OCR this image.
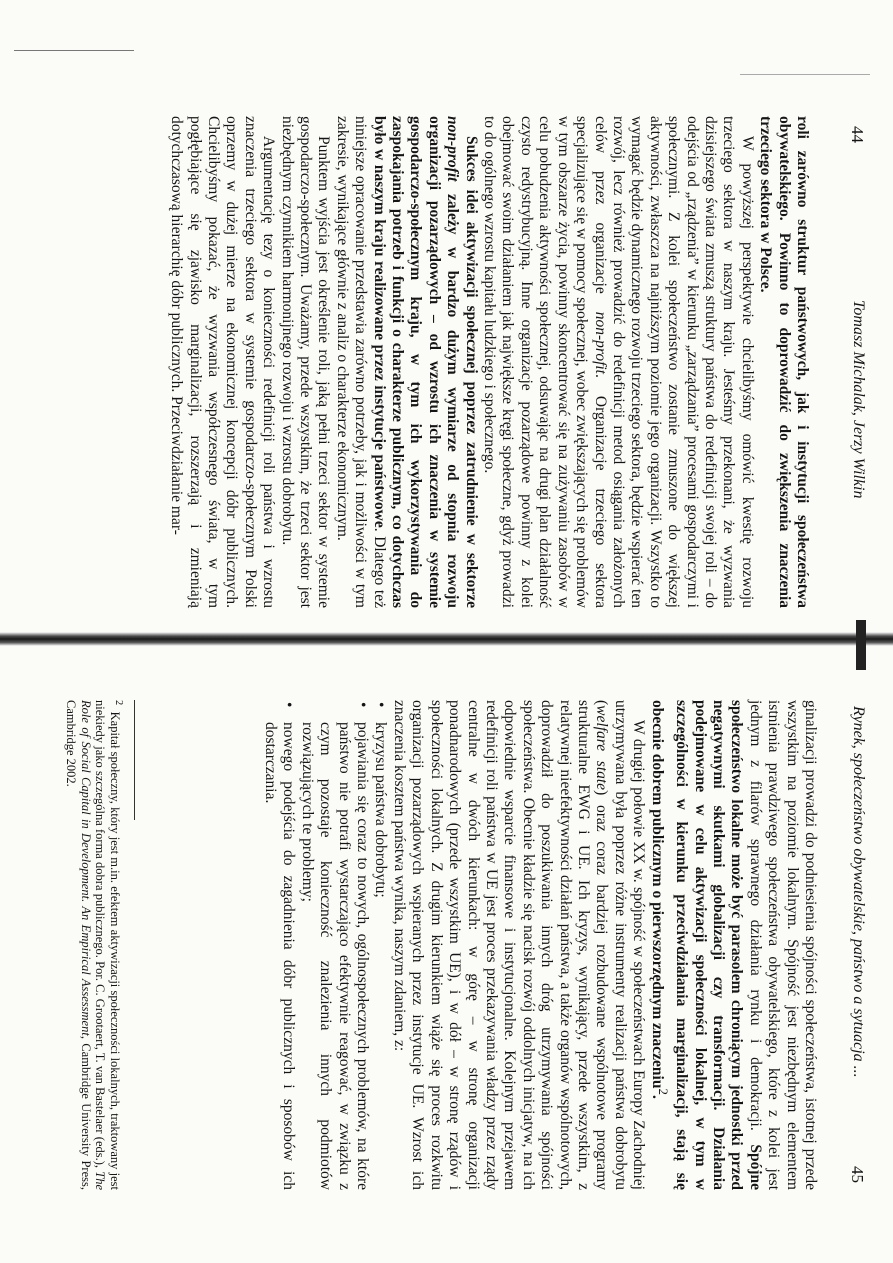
44
Tomasz Michalak, Jerzy Wilkin

roli zarówno struktur państwowych, jak i instytucji społeczeństwa obywatelskiego. Powinno to doprowadzić do zwiększenia znaczenia trzeciego sektora w Polsce.

W powyższej perspektywie chcielibyśmy omówić kwestię rozwoju trzeciego sektora w naszym kraju. Jesteśmy przekonani, że wyzwania dzisiejszego świata zmuszą struktury państwa do redefinicji swojej roli – do odejścia od „rządzenia” w kierunku „zarządzania” procesami gospodarczymi i społecznymi. Z kolei społeczeństwo zostanie zmuszone do większej aktywności, zwłaszcza na najniższym poziomie jego organizacji. Wszystko to wymagać będzie dynamicznego rozwoju trzeciego sektora, będzie wspierać ten rozwój, lecz również prowadzić do redefinicji metod osiągania założonych celów przez organizacje non-profit. Organizacje trzeciego sektora specjalizujące się w pomocy społecznej, wobec zwiększających się problemów w tym obszarze życia, powinny skoncentrować się na zużywaniu zasobów w celu pobudzenia aktywności społecznej, odsuwając na drugi plan działalność czysto redystrybucyjną. Inne organizacje pozarządowe powinny z kolei obejmować swoim działaniem jak największe kręgi społeczne, gdyż prowadzi to do ogólnego wzrostu kapitału ludzkiego i społecznego.

Sukces idei aktywizacji społecznej poprzez zatrudnienie w sektorze non-profit zależy w bardzo dużym wymiarze od stopnia rozwoju organizacji pozarządowych – od wzrostu ich znaczenia w systemie gospodarczo-społecznym kraju, w tym ich wykorzystywania do zaspokajania potrzeb i funkcji o charakterze publicznym, co dotychczas było w naszym kraju realizowane przez instytucje państwowe. Dlatego też niniejsze opracowanie przedstawia zarówno potrzeby, jak i możliwości w tym zakresie, wynikające głównie z analiz o charakterze ekonomicznym.

Punktem wyjścia jest określenie roli, jaką pełni trzeci sektor w systemie gospodarczo-społecznym. Uważamy, przede wszystkim, że trzeci sektor jest niezbędnym czynnikiem harmonijnego rozwoju i wzrostu dobrobytu.

Argumentację tezy o konieczności redefinicji roli państwa i wzrostu znaczenia trzeciego sektora w systemie gospodarczo-społecznym Polski oprzemy w dużej mierze na ekonomicznej koncepcji dóbr publicznych. Chcielibyśmy pokazać, że wyzwania współczesnego świata, w tym pogłębiające się zjawisko marginalizacji, rozszerzają i zmieniają dotychczasową hierarchię dóbr publicznych. Przeciwdziałanie mar-

Rynek, społeczeństwo obywatelskie, państwo a sytuacja ...
45

ginalizacji prowadzi do podniesienia spójności społeczeństwa, istotnej przede wszystkim na poziomie lokalnym. Spójność jest niezbędnym elementem istnienia prawdziwego społeczeństwa obywatelskiego, które z kolei jest jednym z filarów sprawnego działania rynku i demokracji. Spójne społeczeństwo lokalne może być parasolem chroniącym jednostki przed negatywnymi skutkami globalizacji czy transformacji. Działania podejmowane w celu aktywizacji społeczności lokalnej, w tym w szczególności w kierunku przeciwdziałania marginalizacji, stają się obecnie dobrem publicznym o pierwszorzędnym znaczeniu$^2$.

W drugiej połowie XX w. spójność w społeczeństwach Europy Zachodniej utrzymywana była poprzez różne instrumenty realizacji państwa dobrobytu (welfare state) oraz coraz bardziej rozbudowane wspólnotowe programy strukturalne EWG i UE. Ich kryzys, wynikający, przede wszystkim, z relatywnej nieefektywności działań państwa, a także organów wspólnotowych, doprowadził do poszukiwania innych dróg utrzymywania spójności społeczeństwa. Obecnie kładzie się nacisk rozwój oddolnych inicjatyw, na ich odpowiednie wsparcie finansowe i instytucjonalne. Kolejnym przejawem redefinicji roli państwa w UE jest proces przekazywania władzy przez rządy centralne w dwóch kierunkach: w górę – w stronę organizacji ponadnarodowych (przede wszystkim UE), i w dół – w stronę rządów i społeczności lokalnych. Z drugim kierunkiem wiąże się proces rozkwitu organizacji pozarządowych wspieranych przez instytucje UE. Wzrost ich znaczenia kosztem państwa wynika, naszym zdaniem, z:

• kryzysu państwa dobrobytu;
• pojawiania się coraz to nowych, ogólnospołecznych problemów, na które państwo nie potrafi wystarczająco efektywnie reagować, w związku z czym pozostaje konieczność znalezienia innych podmiotów rozwiązujących te problemy;
• nowego podejścia do zagadnienia dóbr publicznych i sposobów ich dostarczania.
$^2$  Kapitał społeczny, który jest m.in. efektem aktywizacji społeczności lokalnych, traktowany jest niekiedy jako szczególna forma dobra publicznego. Por. C. Grootaert, T. van Bastelaer (eds.), The Role of Social Capital in Development. An Empirical Assessment, Cambridge University Press, Cambridge 2002.
